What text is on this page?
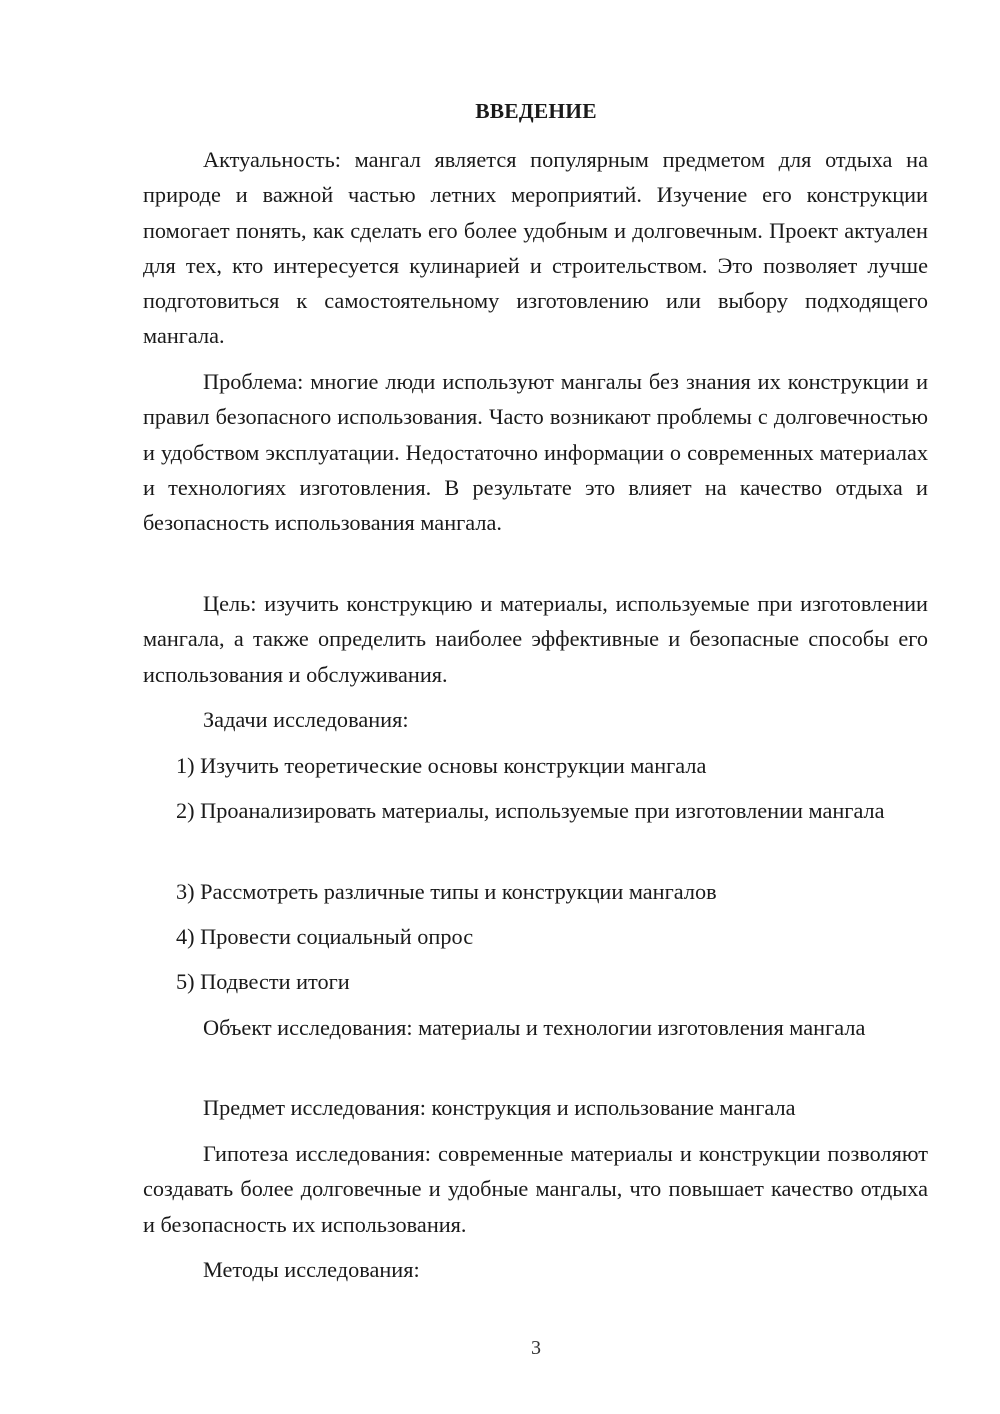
ВВЕДЕНИЕ

Актуальность: мангал является популярным предметом для отдыха на природе и важной частью летних мероприятий. Изучение его конструкции помогает понять, как сделать его более удобным и долговечным. Проект актуален для тех, кто интересуется кулинарией и строительством. Это позволяет лучше подготовиться к самостоятельному изготовлению или выбору подходящего мангала.

Проблема: многие люди используют мангалы без знания их конструкции и правил безопасного использования. Часто возникают проблемы с долговечностью и удобством эксплуатации. Недостаточно информации о современных материалах и технологиях изготовления. В результате это влияет на качество отдыха и безопасность использования мангала.

Цель: изучить конструкцию и материалы, используемые при изготовлении мангала, а также определить наиболее эффективные и безопасные способы его использования и обслуживания.

Задачи исследования:

1) Изучить теоретические основы конструкции мангала

2) Проанализировать материалы, используемые при изготовлении мангала

3) Рассмотреть различные типы и конструкции мангалов

4) Провести социальный опрос

5) Подвести итоги

Объект исследования: материалы и технологии изготовления мангала

Предмет исследования: конструкция и использование мангала

Гипотеза исследования: современные материалы и конструкции позволяют создавать более долговечные и удобные мангалы, что повышает качество отдыха и безопасность их использования.

Методы исследования:

3
